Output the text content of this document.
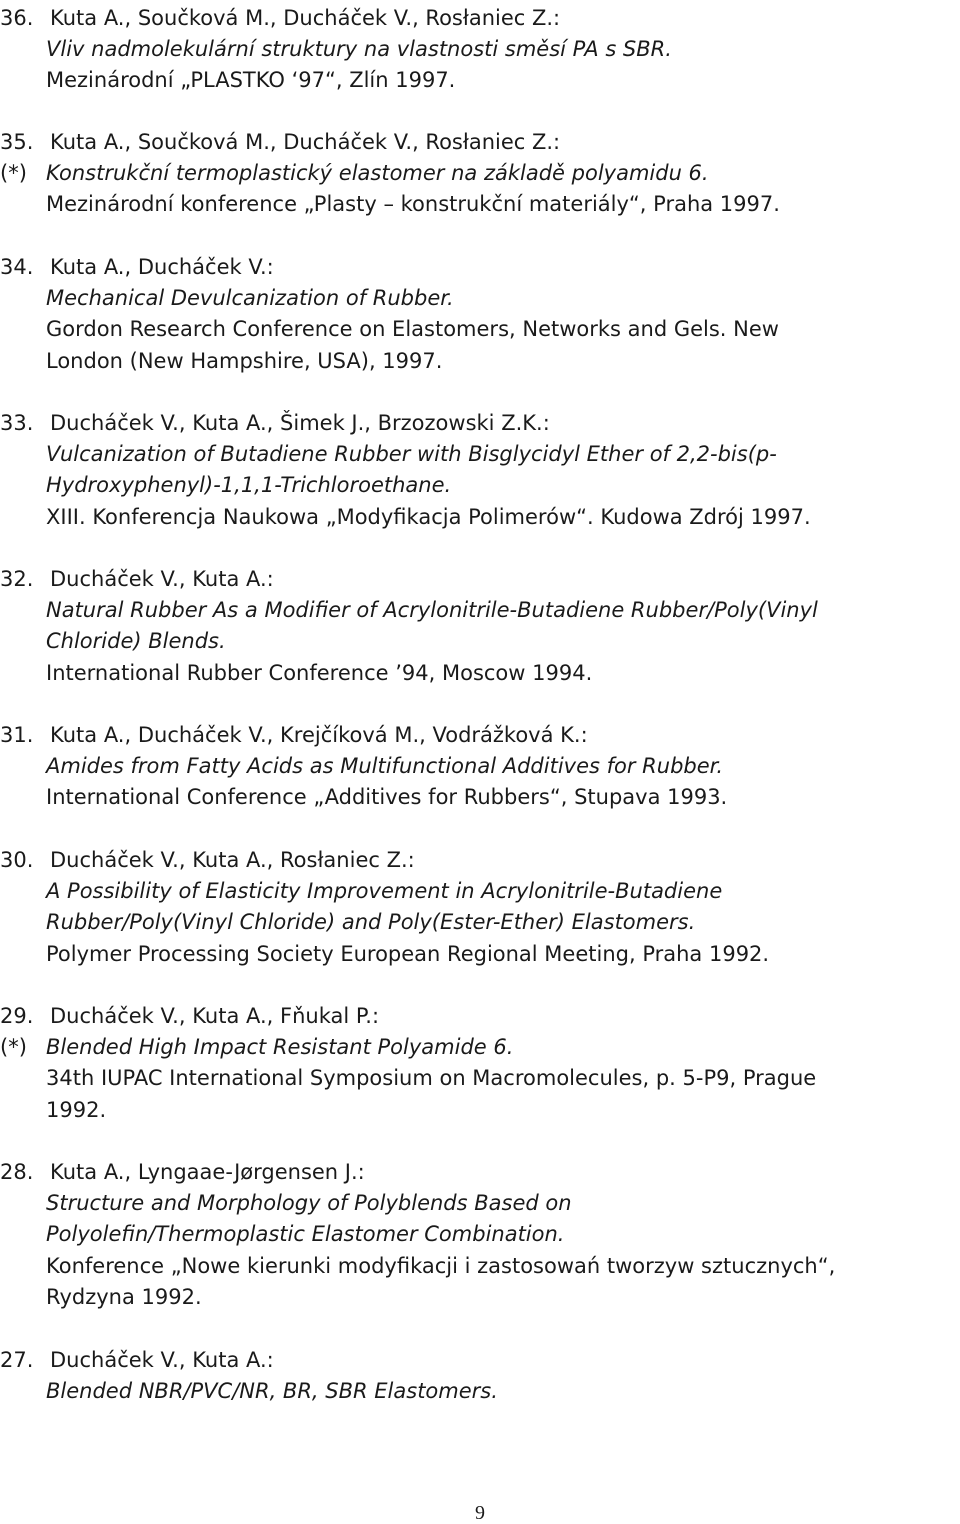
36. Kuta A., Součková M., Ducháček V., Rosłaniec Z.:
Vliv nadmolekulární struktury na vlastnosti směsí PA s SBR.
Mezinárodní „PLASTKO ‘97“, Zlín 1997.
35. Kuta A., Součková M., Ducháček V., Rosłaniec Z.:
(*) Konstrukční termoplastický elastomer na základě polyamidu 6.
Mezinárodní konference „Plasty – konstrukční materiály“, Praha 1997.
34. Kuta A., Ducháček V.:
Mechanical Devulcanization of Rubber.
Gordon Research Conference on Elastomers, Networks and Gels. New
London (New Hampshire, USA), 1997.
33. Ducháček V., Kuta A., Šimek J., Brzozowski Z.K.:
Vulcanization of Butadiene Rubber with Bisglycidyl Ether of 2,2-bis(p-
Hydroxyphenyl)-1,1,1-Trichloroethane.
XIII. Konferencja Naukowa „Modyfikacja Polimerów“. Kudowa Zdrój 1997.
32. Ducháček V., Kuta A.:
Natural Rubber As a Modifier of Acrylonitrile-Butadiene Rubber/Poly(Vinyl
Chloride) Blends.
International Rubber Conference ’94, Moscow 1994.
31. Kuta A., Ducháček V., Krejčíková M., Vodrážková K.:
Amides from Fatty Acids as Multifunctional Additives for Rubber.
International Conference „Additives for Rubbers“, Stupava 1993.
30. Ducháček V., Kuta A., Rosłaniec Z.:
A Possibility of Elasticity Improvement in Acrylonitrile-Butadiene
Rubber/Poly(Vinyl Chloride) and Poly(Ester-Ether) Elastomers.
Polymer Processing Society European Regional Meeting, Praha 1992.
29. Ducháček V., Kuta A., Fňukal P.:
(*) Blended High Impact Resistant Polyamide 6.
34th IUPAC International Symposium on Macromolecules, p. 5-P9, Prague
1992.
28. Kuta A., Lyngaae-Jørgensen J.:
Structure and Morphology of Polyblends Based on
Polyolefin/Thermoplastic Elastomer Combination.
Konference „Nowe kierunki modyfikacji i zastosowań tworzyw sztucznych“,
Rydzyna 1992.
27. Ducháček V., Kuta A.:
Blended NBR/PVC/NR, BR, SBR Elastomers.
9
